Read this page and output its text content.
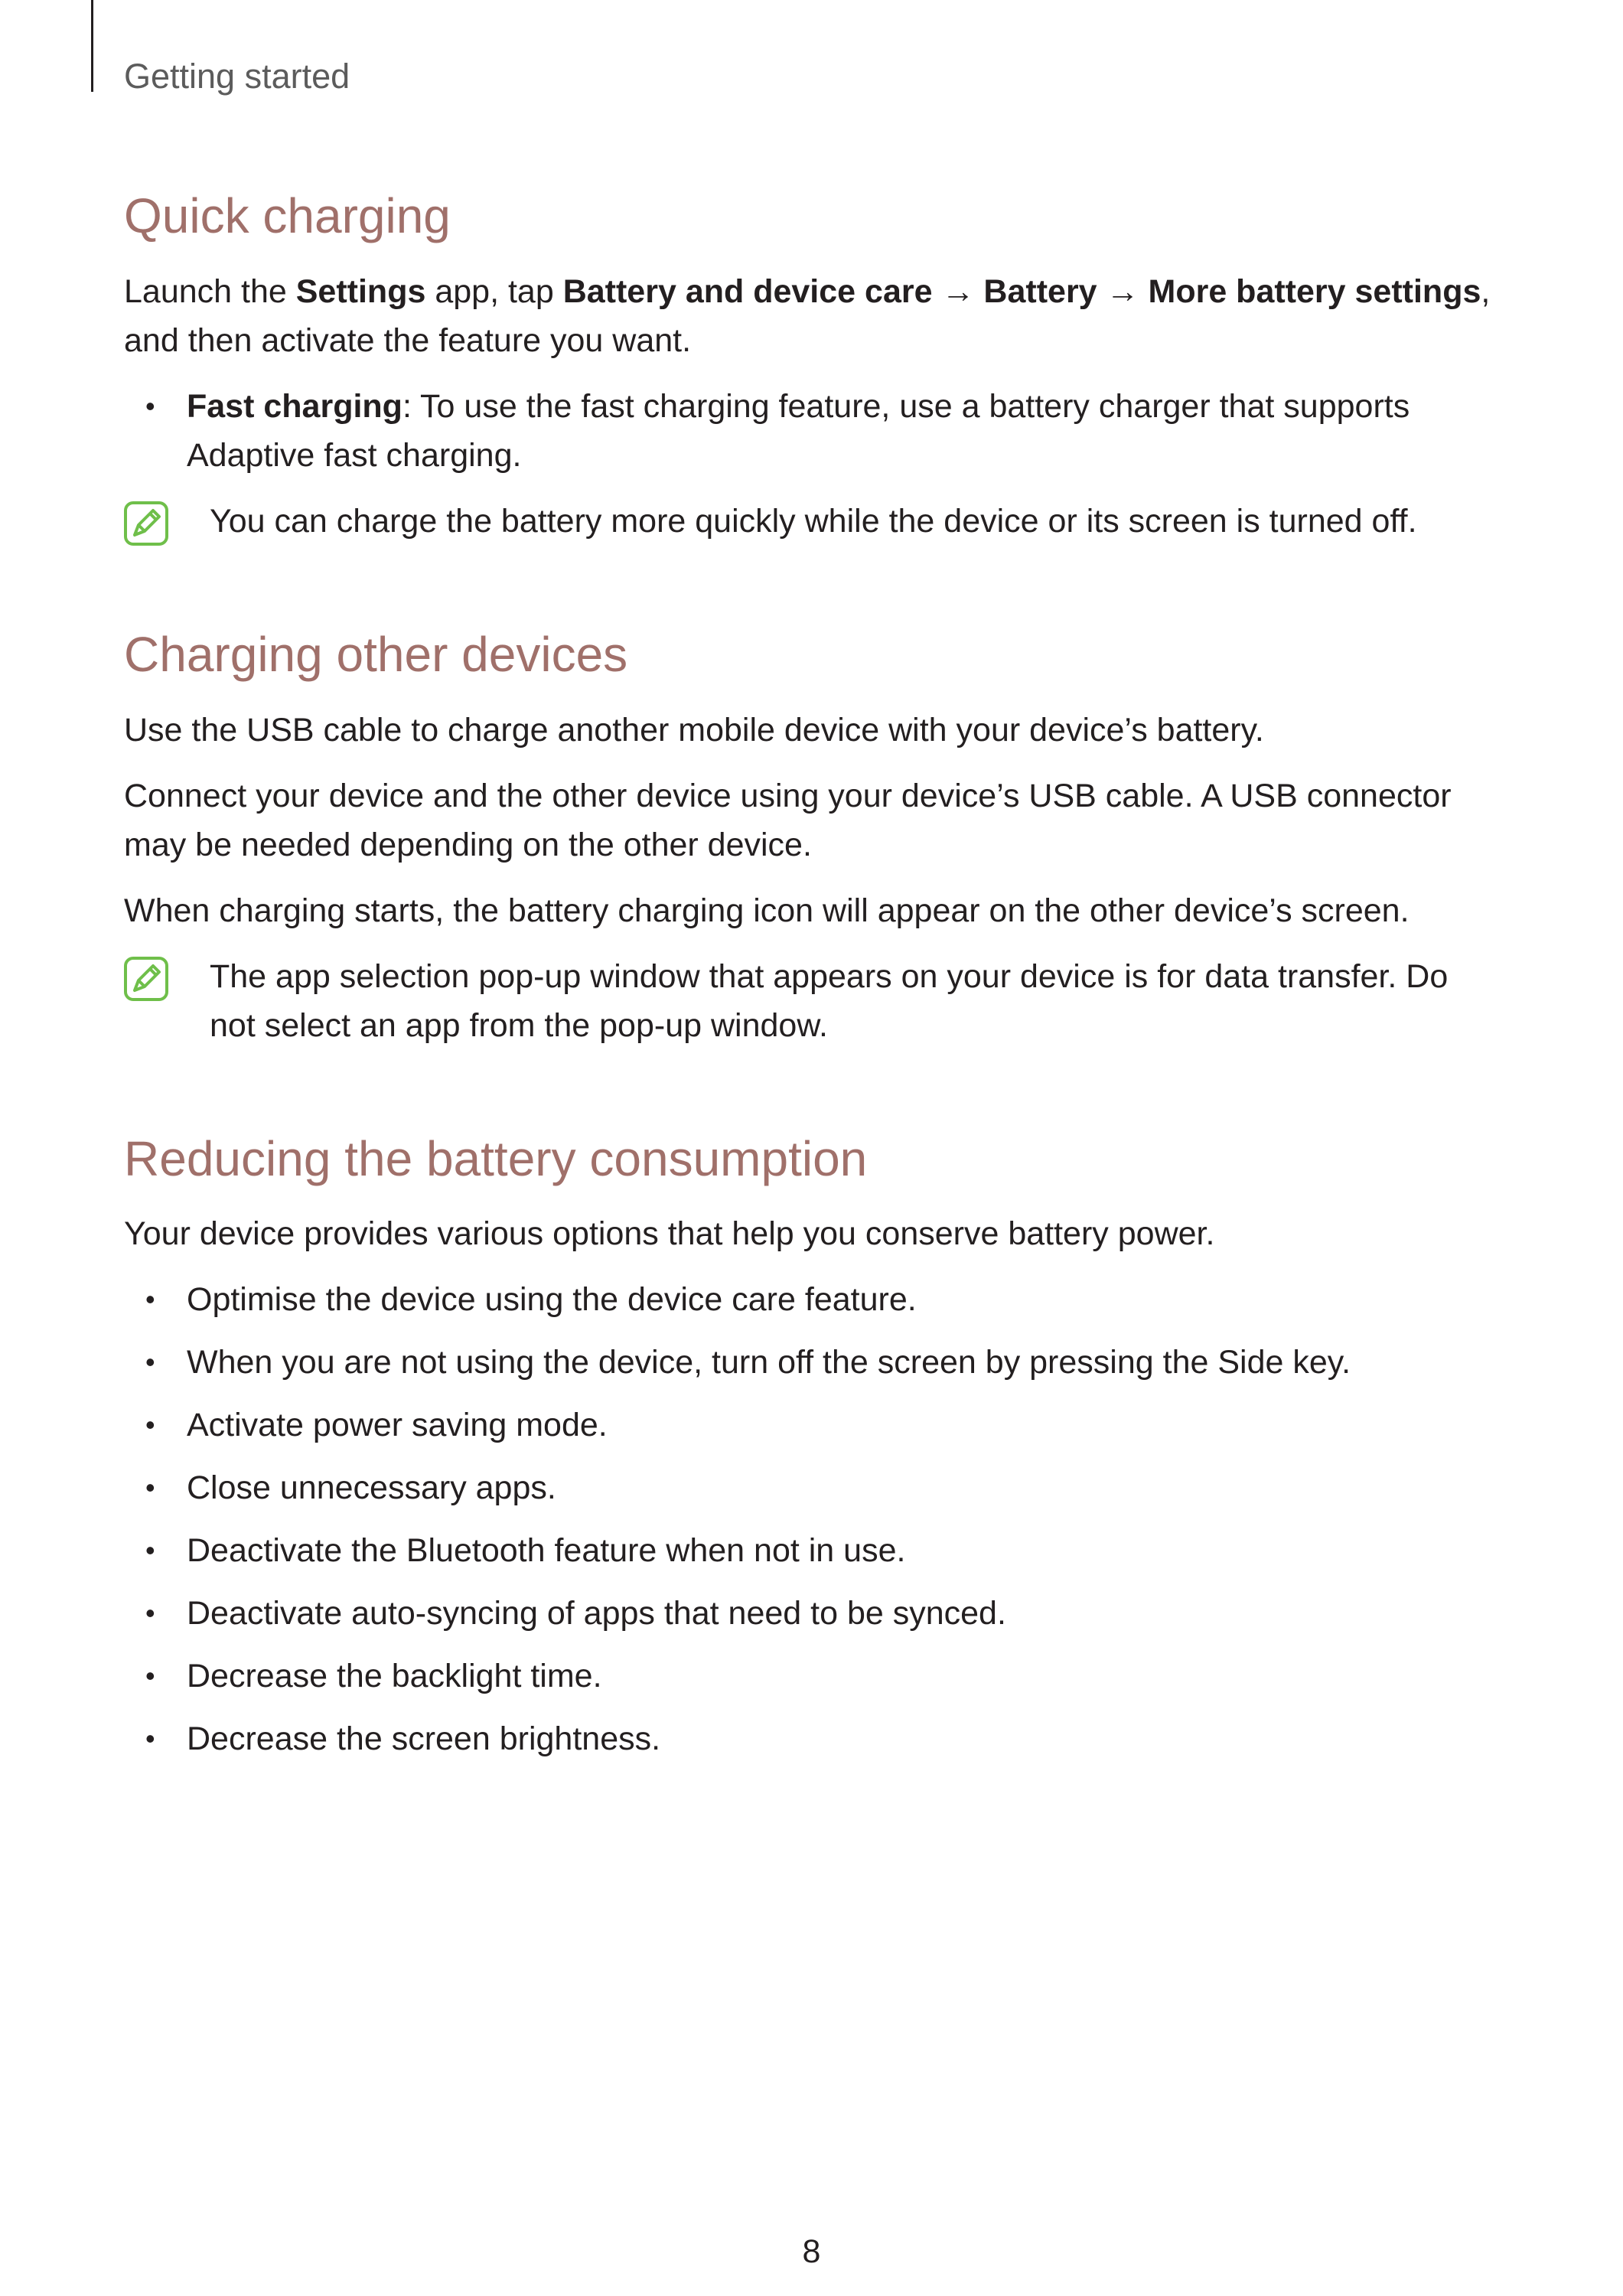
Getting started
Quick charging

Launch the Settings app, tap Battery and device care → Battery → More battery settings,
and then activate the feature you want.

• Fast charging: To use the fast charging feature, use a battery charger that supports
Adaptive fast charging.

You can charge the battery more quickly while the device or its screen is turned off.

Charging other devices

Use the USB cable to charge another mobile device with your device’s battery.

Connect your device and the other device using your device’s USB cable. A USB connector
may be needed depending on the other device.

When charging starts, the battery charging icon will appear on the other device’s screen.

The app selection pop-up window that appears on your device is for data transfer. Do
not select an app from the pop-up window.

Reducing the battery consumption

Your device provides various options that help you conserve battery power.

• Optimise the device using the device care feature.
• When you are not using the device, turn off the screen by pressing the Side key.
• Activate power saving mode.
• Close unnecessary apps.
• Deactivate the Bluetooth feature when not in use.
• Deactivate auto-syncing of apps that need to be synced.
• Decrease the backlight time.
• Decrease the screen brightness.
8
